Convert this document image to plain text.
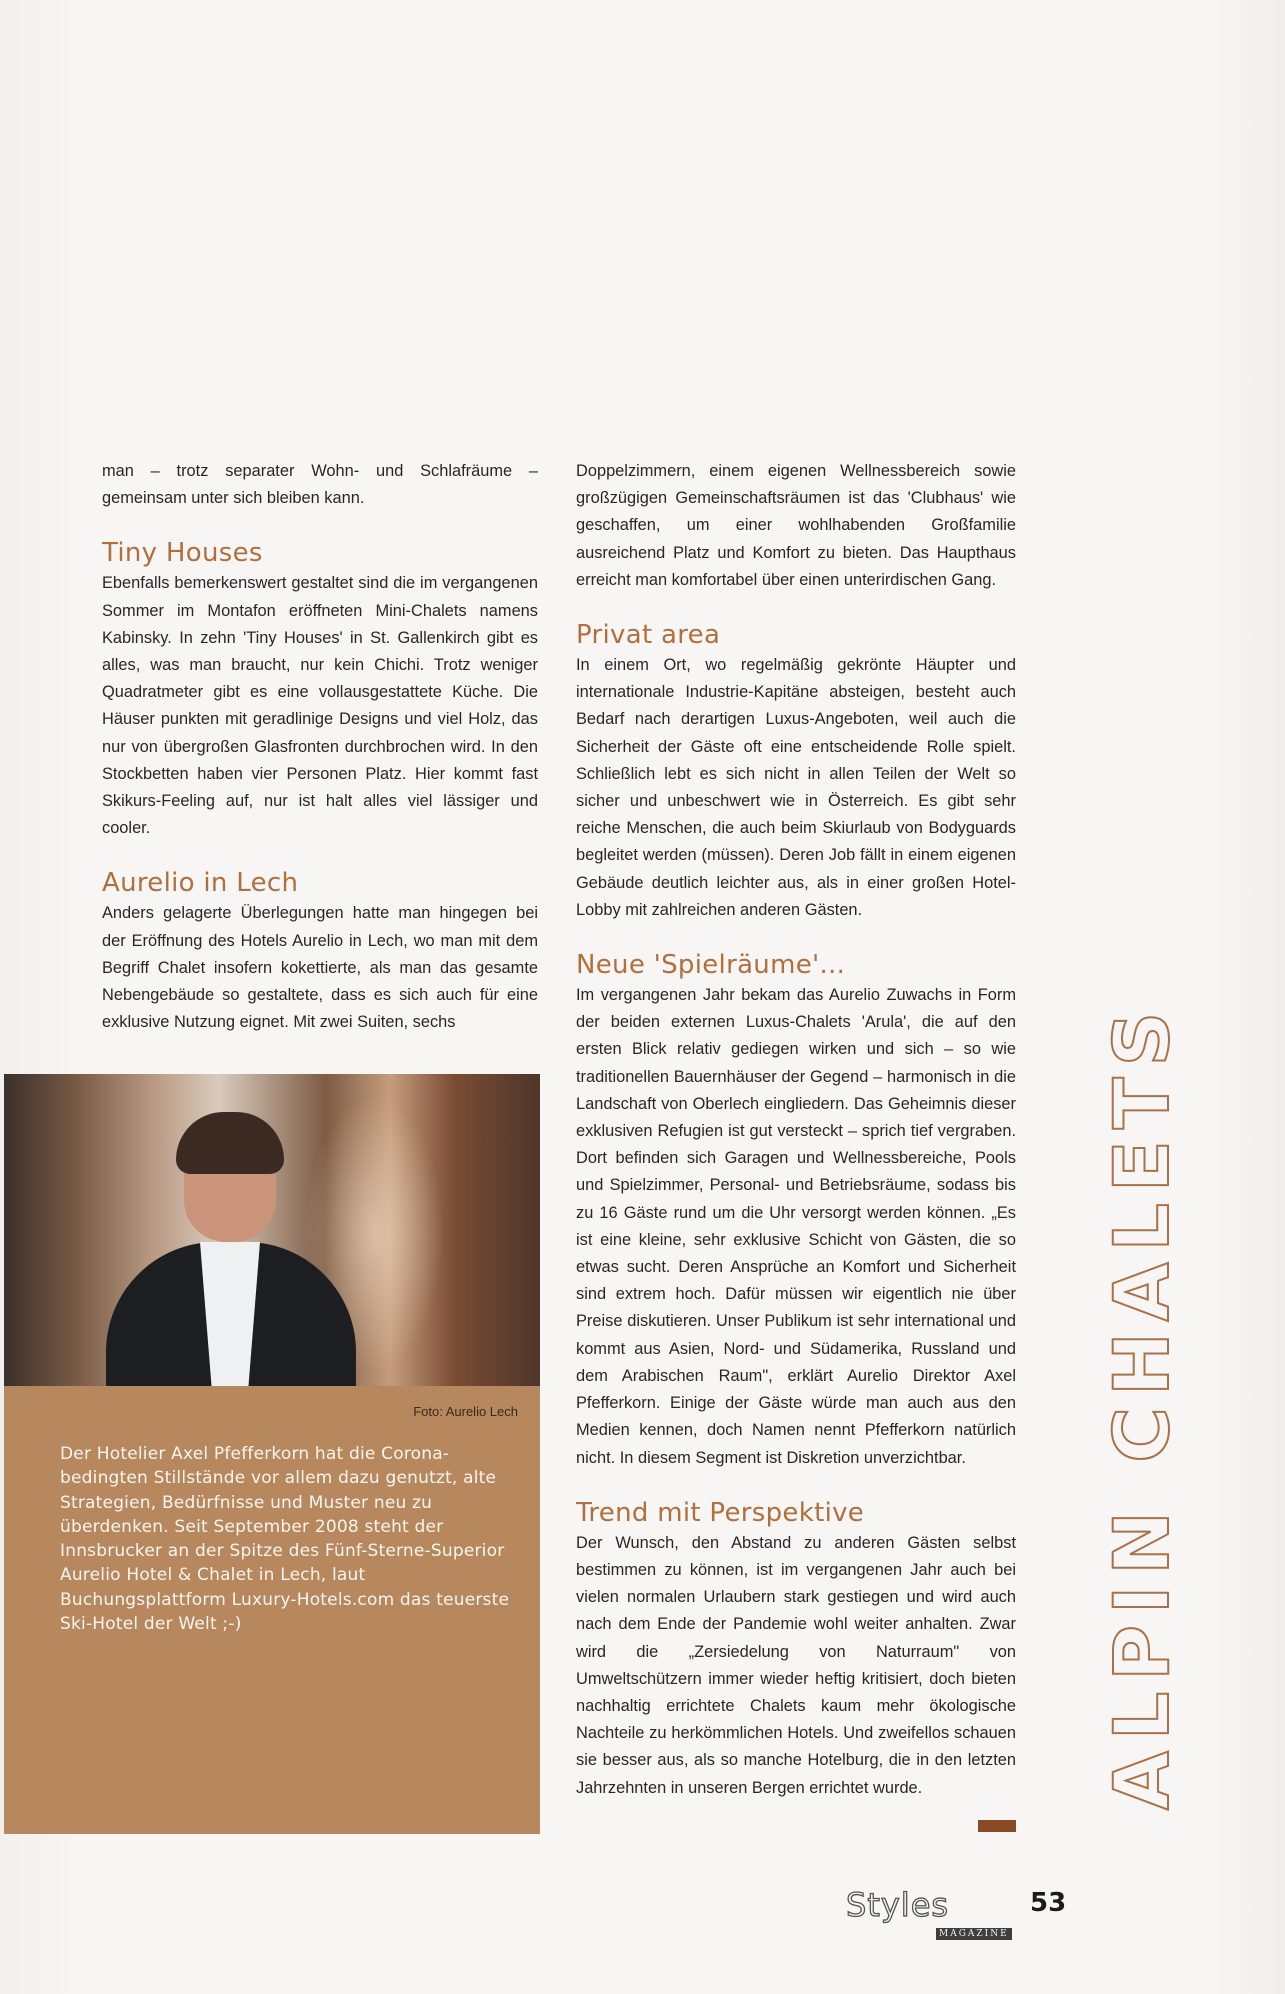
man – trotz separater Wohn- und Schlafräume – gemeinsam unter sich bleiben kann.

Tiny Houses

Ebenfalls bemerkenswert gestaltet sind die im vergangenen Sommer im Montafon eröffneten Mini-Chalets namens Kabinsky. In zehn 'Tiny Houses' in St. Gallenkirch gibt es alles, was man braucht, nur kein Chichi. Trotz weniger Quadratmeter gibt es eine vollausgestattete Küche. Die Häuser punkten mit geradlinige Designs und viel Holz, das nur von übergroßen Glasfronten durchbrochen wird. In den Stockbetten haben vier Personen Platz. Hier kommt fast Skikurs-Feeling auf, nur ist halt alles viel lässiger und cooler.

Aurelio in Lech

Anders gelagerte Überlegungen hatte man hingegen bei der Eröffnung des Hotels Aurelio in Lech, wo man mit dem Begriff Chalet insofern kokettierte, als man das gesamte Nebengebäude so gestaltete, dass es sich auch für eine exklusive Nutzung eignet. Mit zwei Suiten, sechs

Foto: Aurelio Lech
Der Hotelier Axel Pfefferkorn hat die Corona-bedingten Stillstände vor allem dazu genutzt, alte Strategien, Bedürfnisse und Muster neu zu überdenken. Seit September 2008 steht der Innsbrucker an der Spitze des Fünf-Sterne-Superior Aurelio Hotel & Chalet in Lech, laut Buchungsplattform Luxury-Hotels.com das teuerste Ski-Hotel der Welt ;-)

Doppelzimmern, einem eigenen Wellnessbereich sowie großzügigen Gemeinschaftsräumen ist das 'Clubhaus' wie geschaffen, um einer wohlhabenden Großfamilie ausreichend Platz und Komfort zu bieten. Das Haupthaus erreicht man komfortabel über einen unterirdischen Gang.

Privat area

In einem Ort, wo regelmäßig gekrönte Häupter und internationale Industrie-Kapitäne absteigen, besteht auch Bedarf nach derartigen Luxus-Angeboten, weil auch die Sicherheit der Gäste oft eine entscheidende Rolle spielt. Schließlich lebt es sich nicht in allen Teilen der Welt so sicher und unbeschwert wie in Österreich. Es gibt sehr reiche Menschen, die auch beim Skiurlaub von Bodyguards begleitet werden (müssen). Deren Job fällt in einem eigenen Gebäude deutlich leichter aus, als in einer großen Hotel-Lobby mit zahlreichen anderen Gästen.

Neue 'Spielräume'...

Im vergangenen Jahr bekam das Aurelio Zuwachs in Form der beiden externen Luxus-Chalets 'Arula', die auf den ersten Blick relativ gediegen wirken und sich – so wie traditionellen Bauernhäuser der Gegend – harmonisch in die Landschaft von Oberlech eingliedern. Das Geheimnis dieser exklusiven Refugien ist gut versteckt – sprich tief vergraben. Dort befinden sich Garagen und Wellnessbereiche, Pools und Spielzimmer, Personal- und Betriebsräume, sodass bis zu 16 Gäste rund um die Uhr versorgt werden können. „Es ist eine kleine, sehr exklusive Schicht von Gästen, die so etwas sucht. Deren Ansprüche an Komfort und Sicherheit sind extrem hoch. Dafür müssen wir eigentlich nie über Preise diskutieren. Unser Publikum ist sehr international und kommt aus Asien, Nord- und Südamerika, Russland und dem Arabischen Raum", erklärt Aurelio Direktor Axel Pfefferkorn. Einige der Gäste würde man auch aus den Medien kennen, doch Namen nennt Pfefferkorn natürlich nicht. In diesem Segment ist Diskretion unverzichtbar.

Trend mit Perspektive

Der Wunsch, den Abstand zu anderen Gästen selbst bestimmen zu können, ist im vergangenen Jahr auch bei vielen normalen Urlaubern stark gestiegen und wird auch nach dem Ende der Pandemie wohl weiter anhalten. Zwar wird die „Zersiedelung von Naturraum" von Umweltschützern immer wieder heftig kritisiert, doch bieten nachhaltig errichtete Chalets kaum mehr ökologische Nachteile zu herkömmlichen Hotels. Und zweifellos schauen sie besser aus, als so manche Hotelburg, die in den letzten Jahrzehnten in unseren Bergen errichtet wurde.	ALPIN CHALETS
Styles
MAGAZINE
53
